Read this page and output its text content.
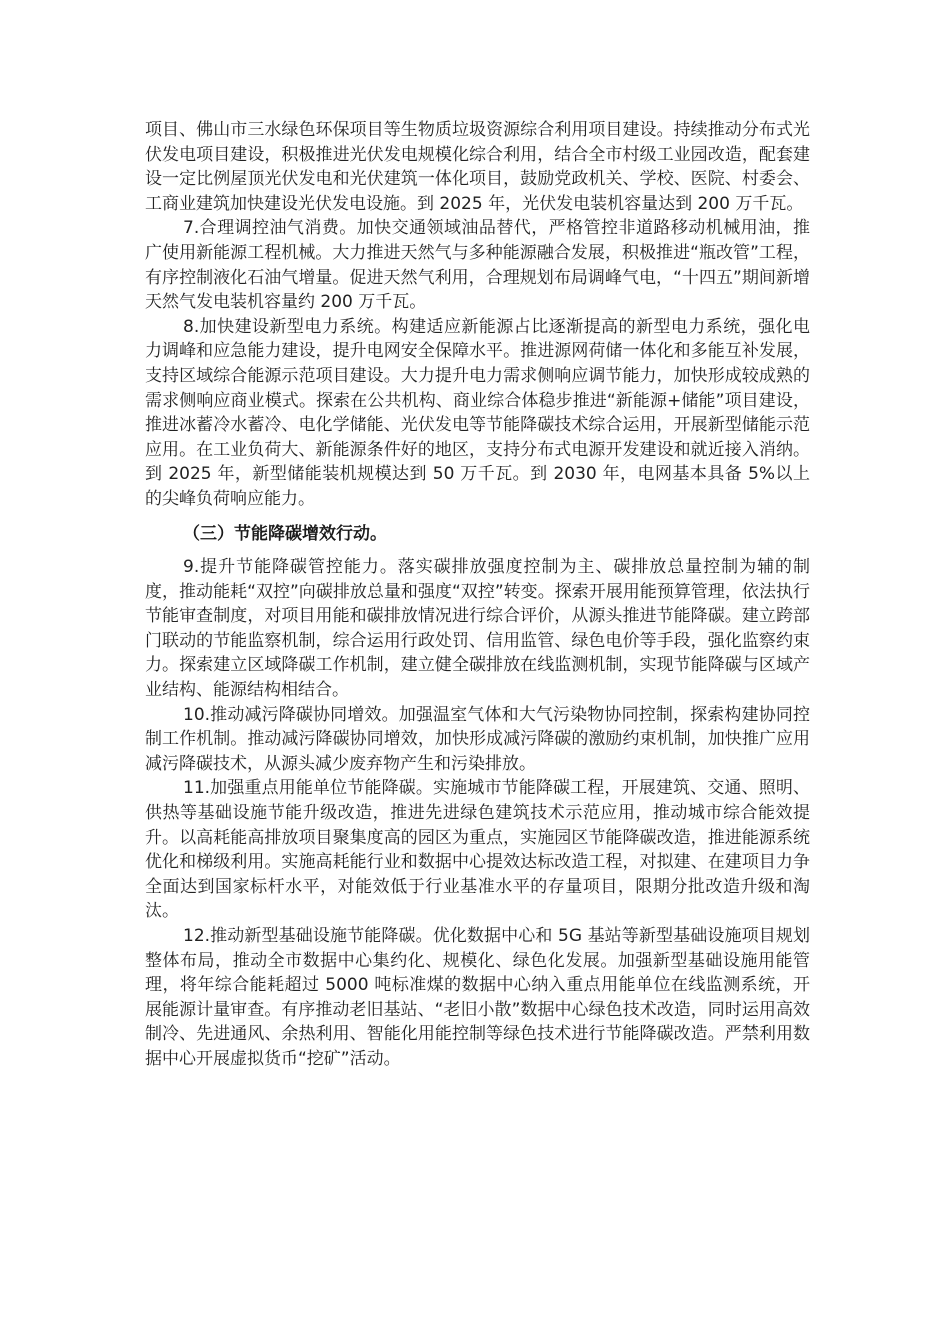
项目、佛山市三水绿色环保项目等生物质垃圾资源综合利用项目建设。持续推动分布式光伏发电项目建设，积极推进光伏发电规模化综合利用，结合全市村级工业园改造，配套建设一定比例屋顶光伏发电和光伏建筑一体化项目，鼓励党政机关、学校、医院、村委会、工商业建筑加快建设光伏发电设施。到 2025 年，光伏发电装机容量达到 200 万千瓦。

7.合理调控油气消费。加快交通领域油品替代，严格管控非道路移动机械用油，推广使用新能源工程机械。大力推进天然气与多种能源融合发展，积极推进“瓶改管”工程，有序控制液化石油气增量。促进天然气利用，合理规划布局调峰气电，“十四五”期间新增天然气发电装机容量约 200 万千瓦。

8.加快建设新型电力系统。构建适应新能源占比逐渐提高的新型电力系统，强化电力调峰和应急能力建设，提升电网安全保障水平。推进源网荷储一体化和多能互补发展，支持区域综合能源示范项目建设。大力提升电力需求侧响应调节能力，加快形成较成熟的需求侧响应商业模式。探索在公共机构、商业综合体稳步推进“新能源+储能”项目建设，推进冰蓄冷水蓄冷、电化学储能、光伏发电等节能降碳技术综合运用，开展新型储能示范应用。在工业负荷大、新能源条件好的地区，支持分布式电源开发建设和就近接入消纳。到 2025 年，新型储能装机规模达到 50 万千瓦。到 2030 年，电网基本具备 5%以上的尖峰负荷响应能力。

（三）节能降碳增效行动。

9.提升节能降碳管控能力。落实碳排放强度控制为主、碳排放总量控制为辅的制度，推动能耗“双控”向碳排放总量和强度“双控”转变。探索开展用能预算管理，依法执行节能审查制度，对项目用能和碳排放情况进行综合评价，从源头推进节能降碳。建立跨部门联动的节能监察机制，综合运用行政处罚、信用监管、绿色电价等手段，强化监察约束力。探索建立区域降碳工作机制，建立健全碳排放在线监测机制，实现节能降碳与区域产业结构、能源结构相结合。

10.推动减污降碳协同增效。加强温室气体和大气污染物协同控制，探索构建协同控制工作机制。推动减污降碳协同增效，加快形成减污降碳的激励约束机制，加快推广应用减污降碳技术，从源头减少废弃物产生和污染排放。

11.加强重点用能单位节能降碳。实施城市节能降碳工程，开展建筑、交通、照明、供热等基础设施节能升级改造，推进先进绿色建筑技术示范应用，推动城市综合能效提升。以高耗能高排放项目聚集度高的园区为重点，实施园区节能降碳改造，推进能源系统优化和梯级利用。实施高耗能行业和数据中心提效达标改造工程，对拟建、在建项目力争全面达到国家标杆水平，对能效低于行业基准水平的存量项目，限期分批改造升级和淘汰。

12.推动新型基础设施节能降碳。优化数据中心和 5G 基站等新型基础设施项目规划整体布局，推动全市数据中心集约化、规模化、绿色化发展。加强新型基础设施用能管理，将年综合能耗超过 5000 吨标准煤的数据中心纳入重点用能单位在线监测系统，开展能源计量审查。有序推动老旧基站、“老旧小散”数据中心绿色技术改造，同时运用高效制冷、先进通风、余热利用、智能化用能控制等绿色技术进行节能降碳改造。严禁利用数据中心开展虚拟货币“挖矿”活动。
